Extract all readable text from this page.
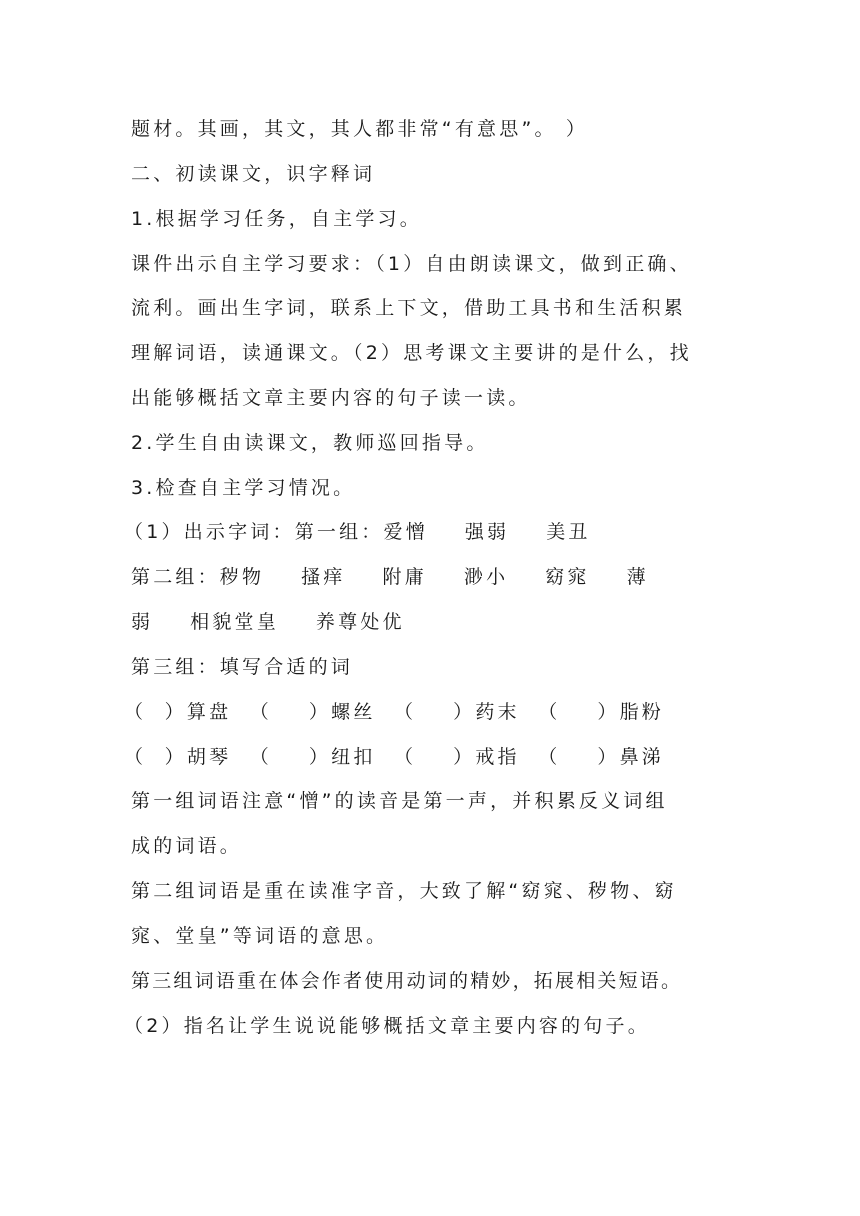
题材。其画，其文，其人都非常“有意思”。 ）
二、初读课文，识字释词
1.根据学习任务，自主学习。
课件出示自主学习要求：（1）自由朗读课文，做到正确、
流利。画出生字词，联系上下文，借助工具书和生活积累
理解词语，读通课文。（2）思考课文主要讲的是什么，找
出能够概括文章主要内容的句子读一读。
2.学生自由读课文，教师巡回指导。
3.检查自主学习情况。
（1）出示字词：第一组：爱憎    强弱    美丑
第二组：秽物    搔痒    附庸    渺小    窈窕    薄
弱    相貌堂皇    养尊处优
第三组：填写合适的词
（  ）算盘  （    ）螺丝  （    ）药末  （    ）脂粉
（  ）胡琴  （    ）纽扣  （    ）戒指  （    ）鼻涕
第一组词语注意“憎”的读音是第一声，并积累反义词组
成的词语。
第二组词语是重在读准字音，大致了解“窈窕、秽物、窈
窕、堂皇”等词语的意思。
第三组词语重在体会作者使用动词的精妙，拓展相关短语。
（2）指名让学生说说能够概括文章主要内容的句子。
